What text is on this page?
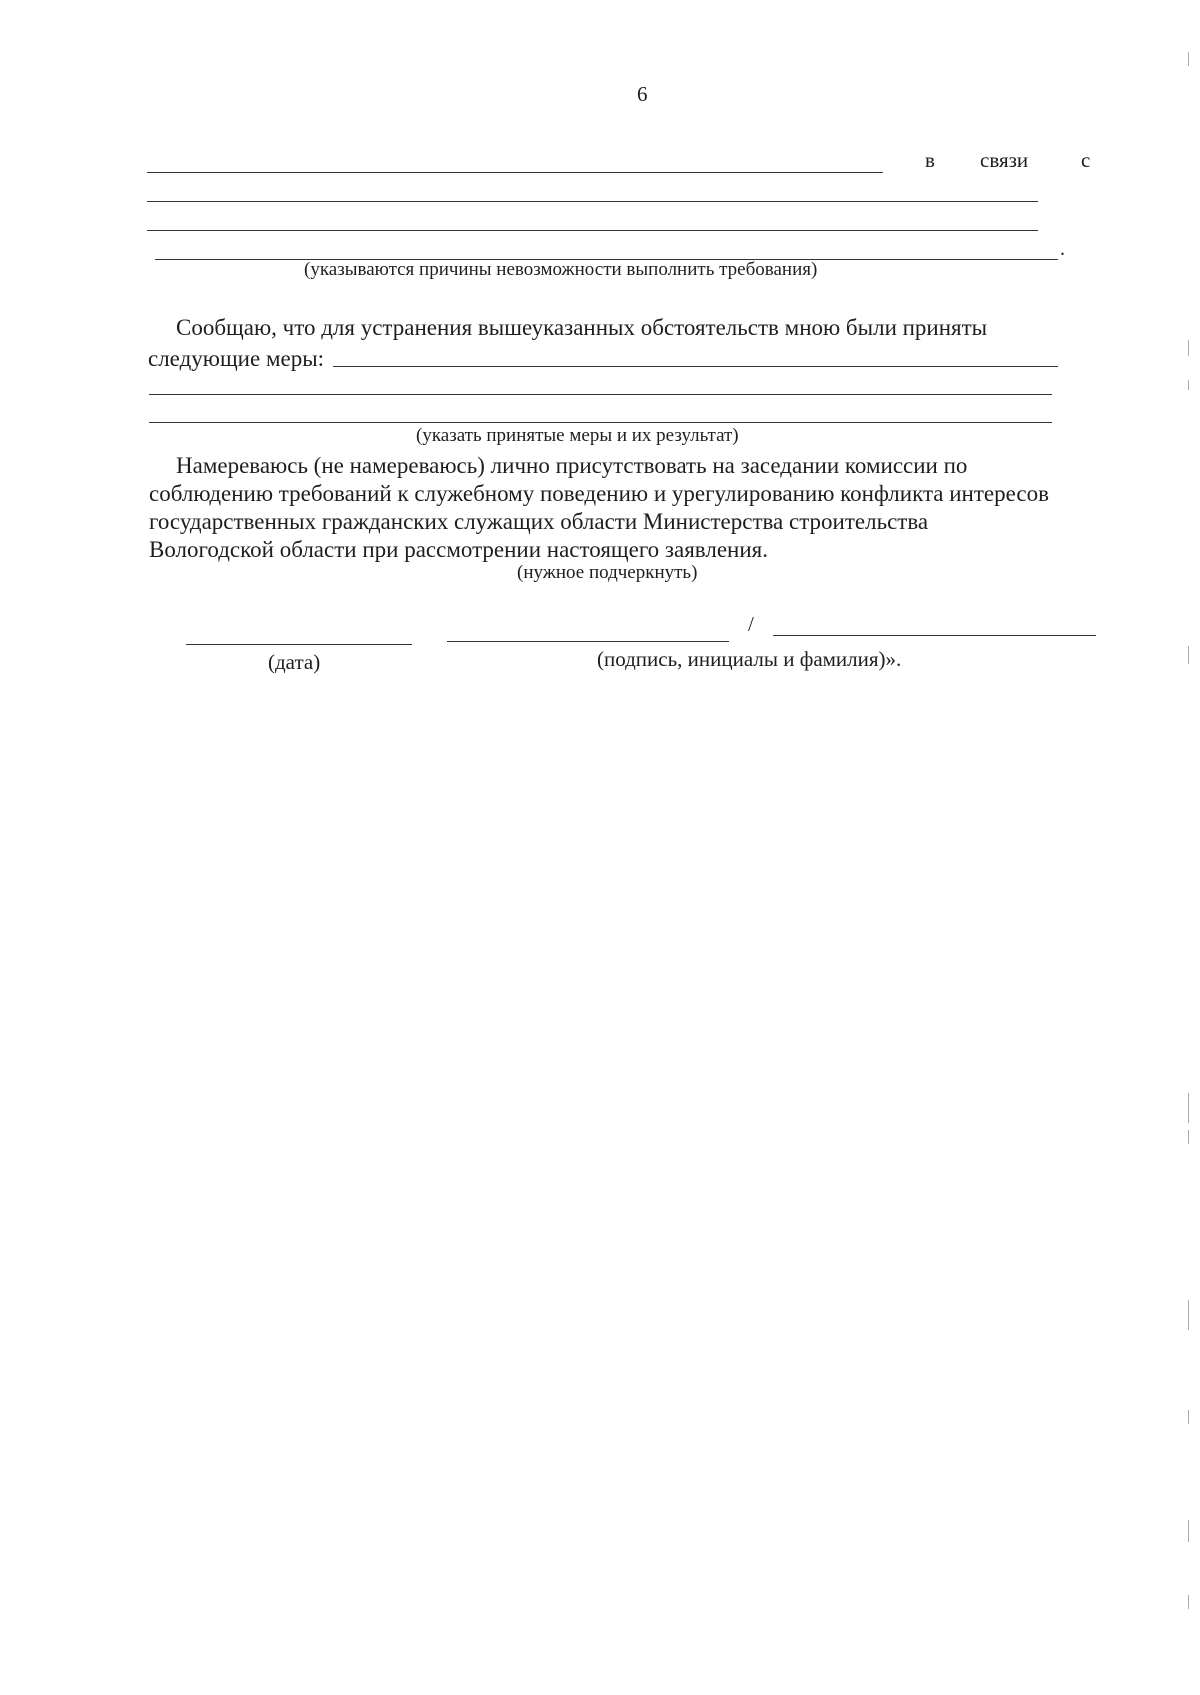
6
в связи	с
.
(указываются причины невозможности выполнить требования)
Сообщаю, что для устранения вышеуказанных обстоятельств мною были приняты
следующие меры:
(указать принятые меры и их результат)
Намереваюсь (не намереваюсь) лично присутствовать на заседании комиссии по
соблюдению требований к служебному поведению и урегулированию конфликта интересов
государственных гражданских служащих области Министерства строительства
Вологодской области при рассмотрении настоящего заявления.
(нужное подчеркнуть)
/
(дата)	(подпись, инициалы и фамилия)».
